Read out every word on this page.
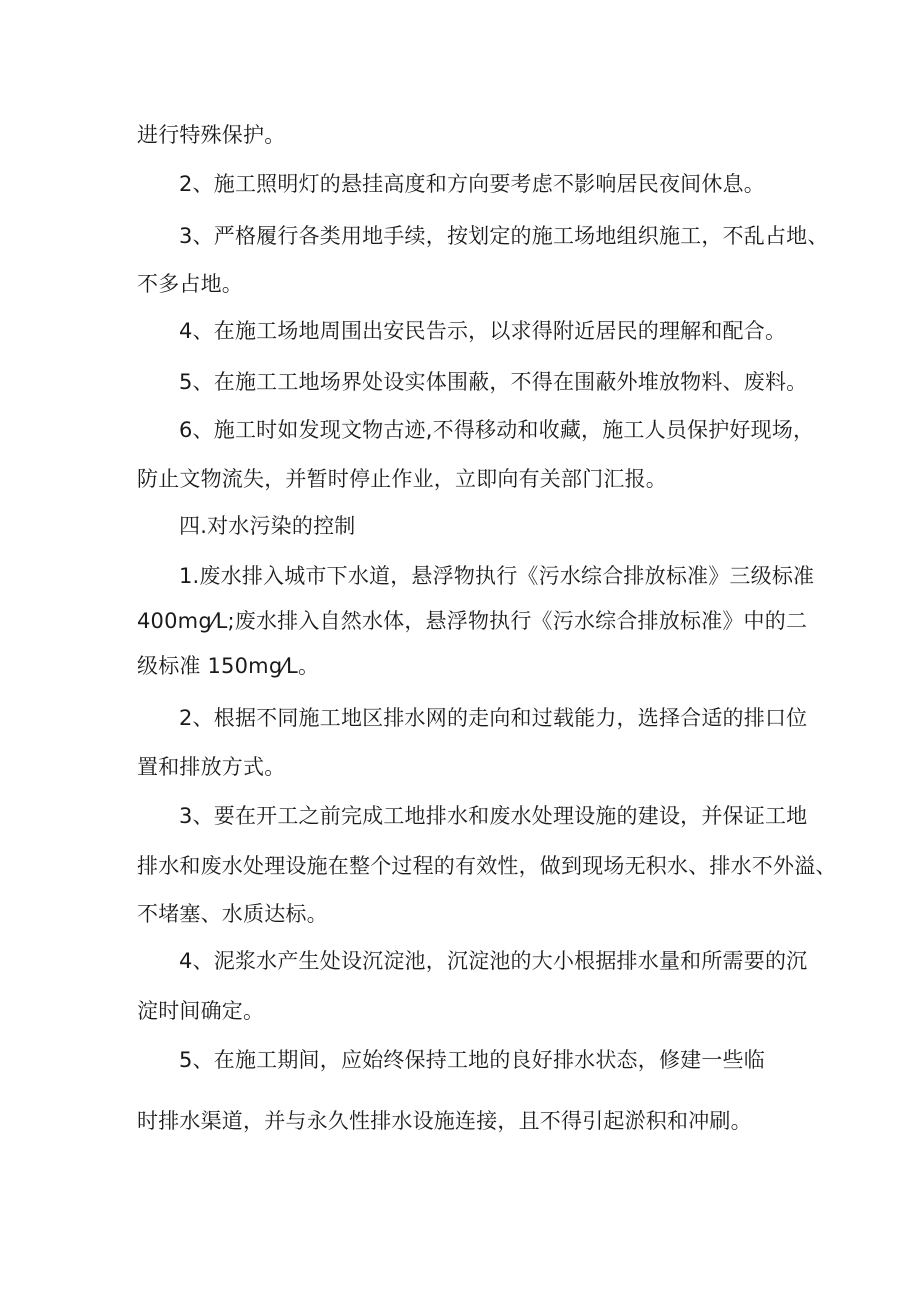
进行特殊保护。
2、施工照明灯的悬挂高度和方向要考虑不影响居民夜间休息。
3、严格履行各类用地手续，按划定的施工场地组织施工，不乱占地、
不多占地。
4、在施工场地周围出安民告示，以求得附近居民的理解和配合。
5、在施工工地场界处设实体围蔽，不得在围蔽外堆放物料、废料。
6、施工时如发现文物古迹,不得移动和收藏，施工人员保护好现场，
防止文物流失，并暂时停止作业，立即向有关部门汇报。
四.对水污染的控制
1.废水排入城市下水道，悬浮物执行《污水综合排放标准》三级标准
400mg⁄L;废水排入自然水体，悬浮物执行《污水综合排放标准》中的二
级标准 150mg⁄L。
2、根据不同施工地区排水网的走向和过载能力，选择合适的排口位
置和排放方式。
3、要在开工之前完成工地排水和废水处理设施的建设，并保证工地
排水和废水处理设施在整个过程的有效性，做到现场无积水、排水不外溢、
不堵塞、水质达标。
4、泥浆水产生处设沉淀池，沉淀池的大小根据排水量和所需要的沉
淀时间确定。
5、在施工期间，应始终保持工地的良好排水状态，修建一些临
时排水渠道，并与永久性排水设施连接，且不得引起淤积和冲刷。
